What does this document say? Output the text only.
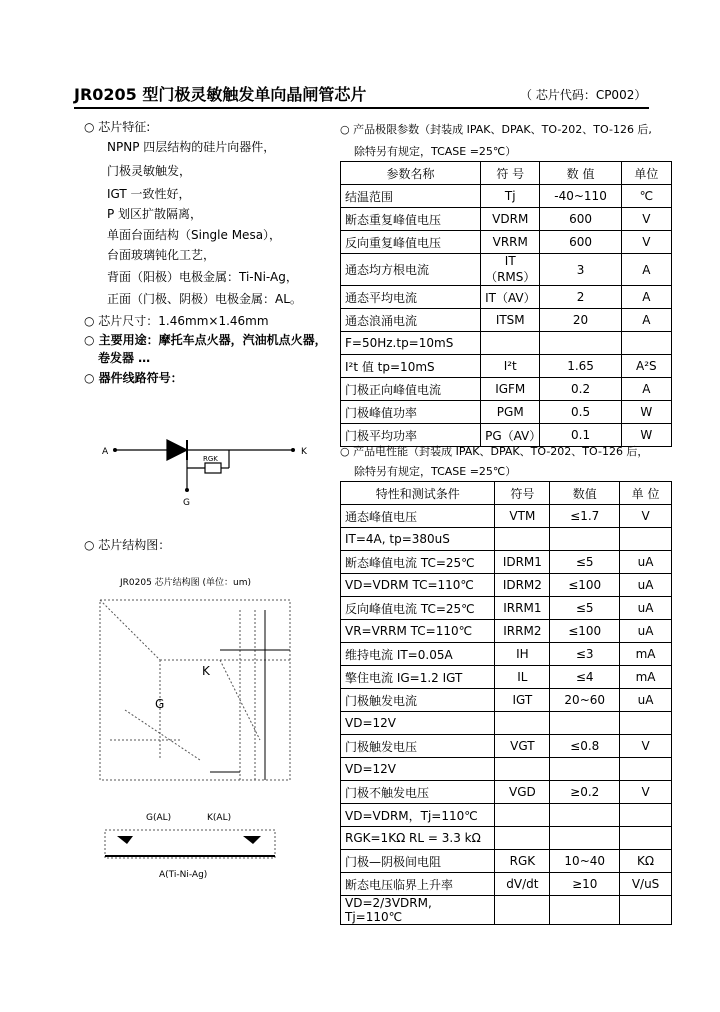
JR0205 型门极灵敏触发单向晶闸管芯片	（ 芯片代码：CP002）
○ 芯片特征:
NPNP 四层结构的硅片向器件，
门极灵敏触发，
IGT 一致性好，
P 划区扩散隔离，
单面台面结构（Single Mesa），
台面玻璃钝化工艺，
背面（阳极）电极金属：Ti-Ni-Ag，
正面（门极、阴极）电极金属：AL。
○ 芯片尺寸：1.46mm×1.46mm
○ 主要用途：摩托车点火器，汽油机点火器，
卷发器 …
○ 器件线路符号：
A	K
G
RGK
○ 芯片结构图：
JR0205 芯片结构图 (单位：um)
K
G
G(AL)	K(AL)
A(Ti-Ni-Ag)
○ 产品极限参数（封装成 IPAK、DPAK、TO-202、TO-126 后,
除特另有规定，TCASE =25℃）
参数名称	符 号	数 值	单位
结温范围	Tj	-40~110	℃
断态重复峰值电压	VDRM	600	V
反向重复峰值电压	VRRM	600	V
通态均方根电流	IT（RMS）	3	A
通态平均电流	IT（AV）	2	A
通态浪涌电流	ITSM	20	A
F=50Hz.tp=10mS			
I²t 值 tp=10mS	I²t	1.65	A²S
门极正向峰值电流	IGFM	0.2	A
门极峰值功率	PGM	0.5	W
门极平均功率	PG（AV）	0.1	W
○ 产品电性能（封装成 IPAK、DPAK、TO-202、TO-126 后，
除特另有规定，TCASE =25℃）
特性和测试条件	符号	数值	单 位
通态峰值电压	VTM	≤1.7	V
IT=4A, tp=380uS			
断态峰值电流 TC=25℃	IDRM1	≤5	uA
VD=VDRM TC=110℃	IDRM2	≤100	uA
反向峰值电流 TC=25℃	IRRM1	≤5	uA
VR=VRRM TC=110℃	IRRM2	≤100	uA
维持电流 IT=0.05A	IH	≤3	mA
擎住电流 IG=1.2 IGT	IL	≤4	mA
门极触发电流	IGT	20~60	uA
VD=12V			
门极触发电压	VGT	≤0.8	V
VD=12V			
门极不触发电压	VGD	≥0.2	V
VD=VDRM，Tj=110℃			
RGK=1KΩ RL = 3.3 kΩ			
门极—阴极间电阻	RGK	10~40	KΩ
断态电压临界上升率	dV/dt	≥10	V/uS
VD=2/3VDRM, Tj=110℃			
